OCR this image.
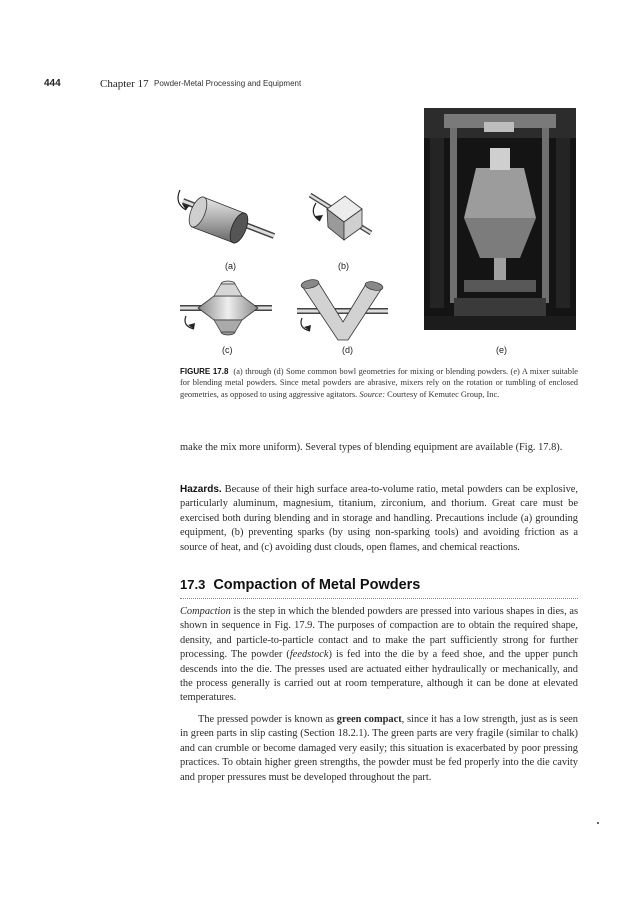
444	Chapter 17 Powder-Metal Processing and Equipment
(a)	(b)
(c)	(d)	(e)
FIGURE 17.8 (a) through (d) Some common bowl geometries for mixing or blending powders. (e) A mixer suitable for blending metal powders. Since metal powders are abrasive, mixers rely on the rotation or tumbling of enclosed geometries, as opposed to using aggressive agitators. Source: Courtesy of Kemutec Group, Inc.

make the mix more uniform). Several types of blending equipment are available (Fig. 17.8).

Hazards. Because of their high surface area-to-volume ratio, metal powders can be explosive, particularly aluminum, magnesium, titanium, zirconium, and thorium. Great care must be exercised both during blending and in storage and handling. Precautions include (a) grounding equipment, (b) preventing sparks (by using non-sparking tools) and avoiding friction as a source of heat, and (c) avoiding dust clouds, open flames, and chemical reactions.

17.3 Compaction of Metal Powders

Compaction is the step in which the blended powders are pressed into various shapes in dies, as shown in sequence in Fig. 17.9. The purposes of compaction are to obtain the required shape, density, and particle-to-particle contact and to make the part sufficiently strong for further processing. The powder (feedstock) is fed into the die by a feed shoe, and the upper punch descends into the die. The presses used are actuated either hydraulically or mechanically, and the process generally is carried out at room temperature, although it can be done at elevated temperatures.

The pressed powder is known as green compact, since it has a low strength, just as is seen in green parts in slip casting (Section 18.2.1). The green parts are very fragile (similar to chalk) and can crumble or become damaged very easily; this situation is exacerbated by poor pressing practices. To obtain higher green strengths, the powder must be fed properly into the die cavity and proper pressures must be developed throughout the part.
